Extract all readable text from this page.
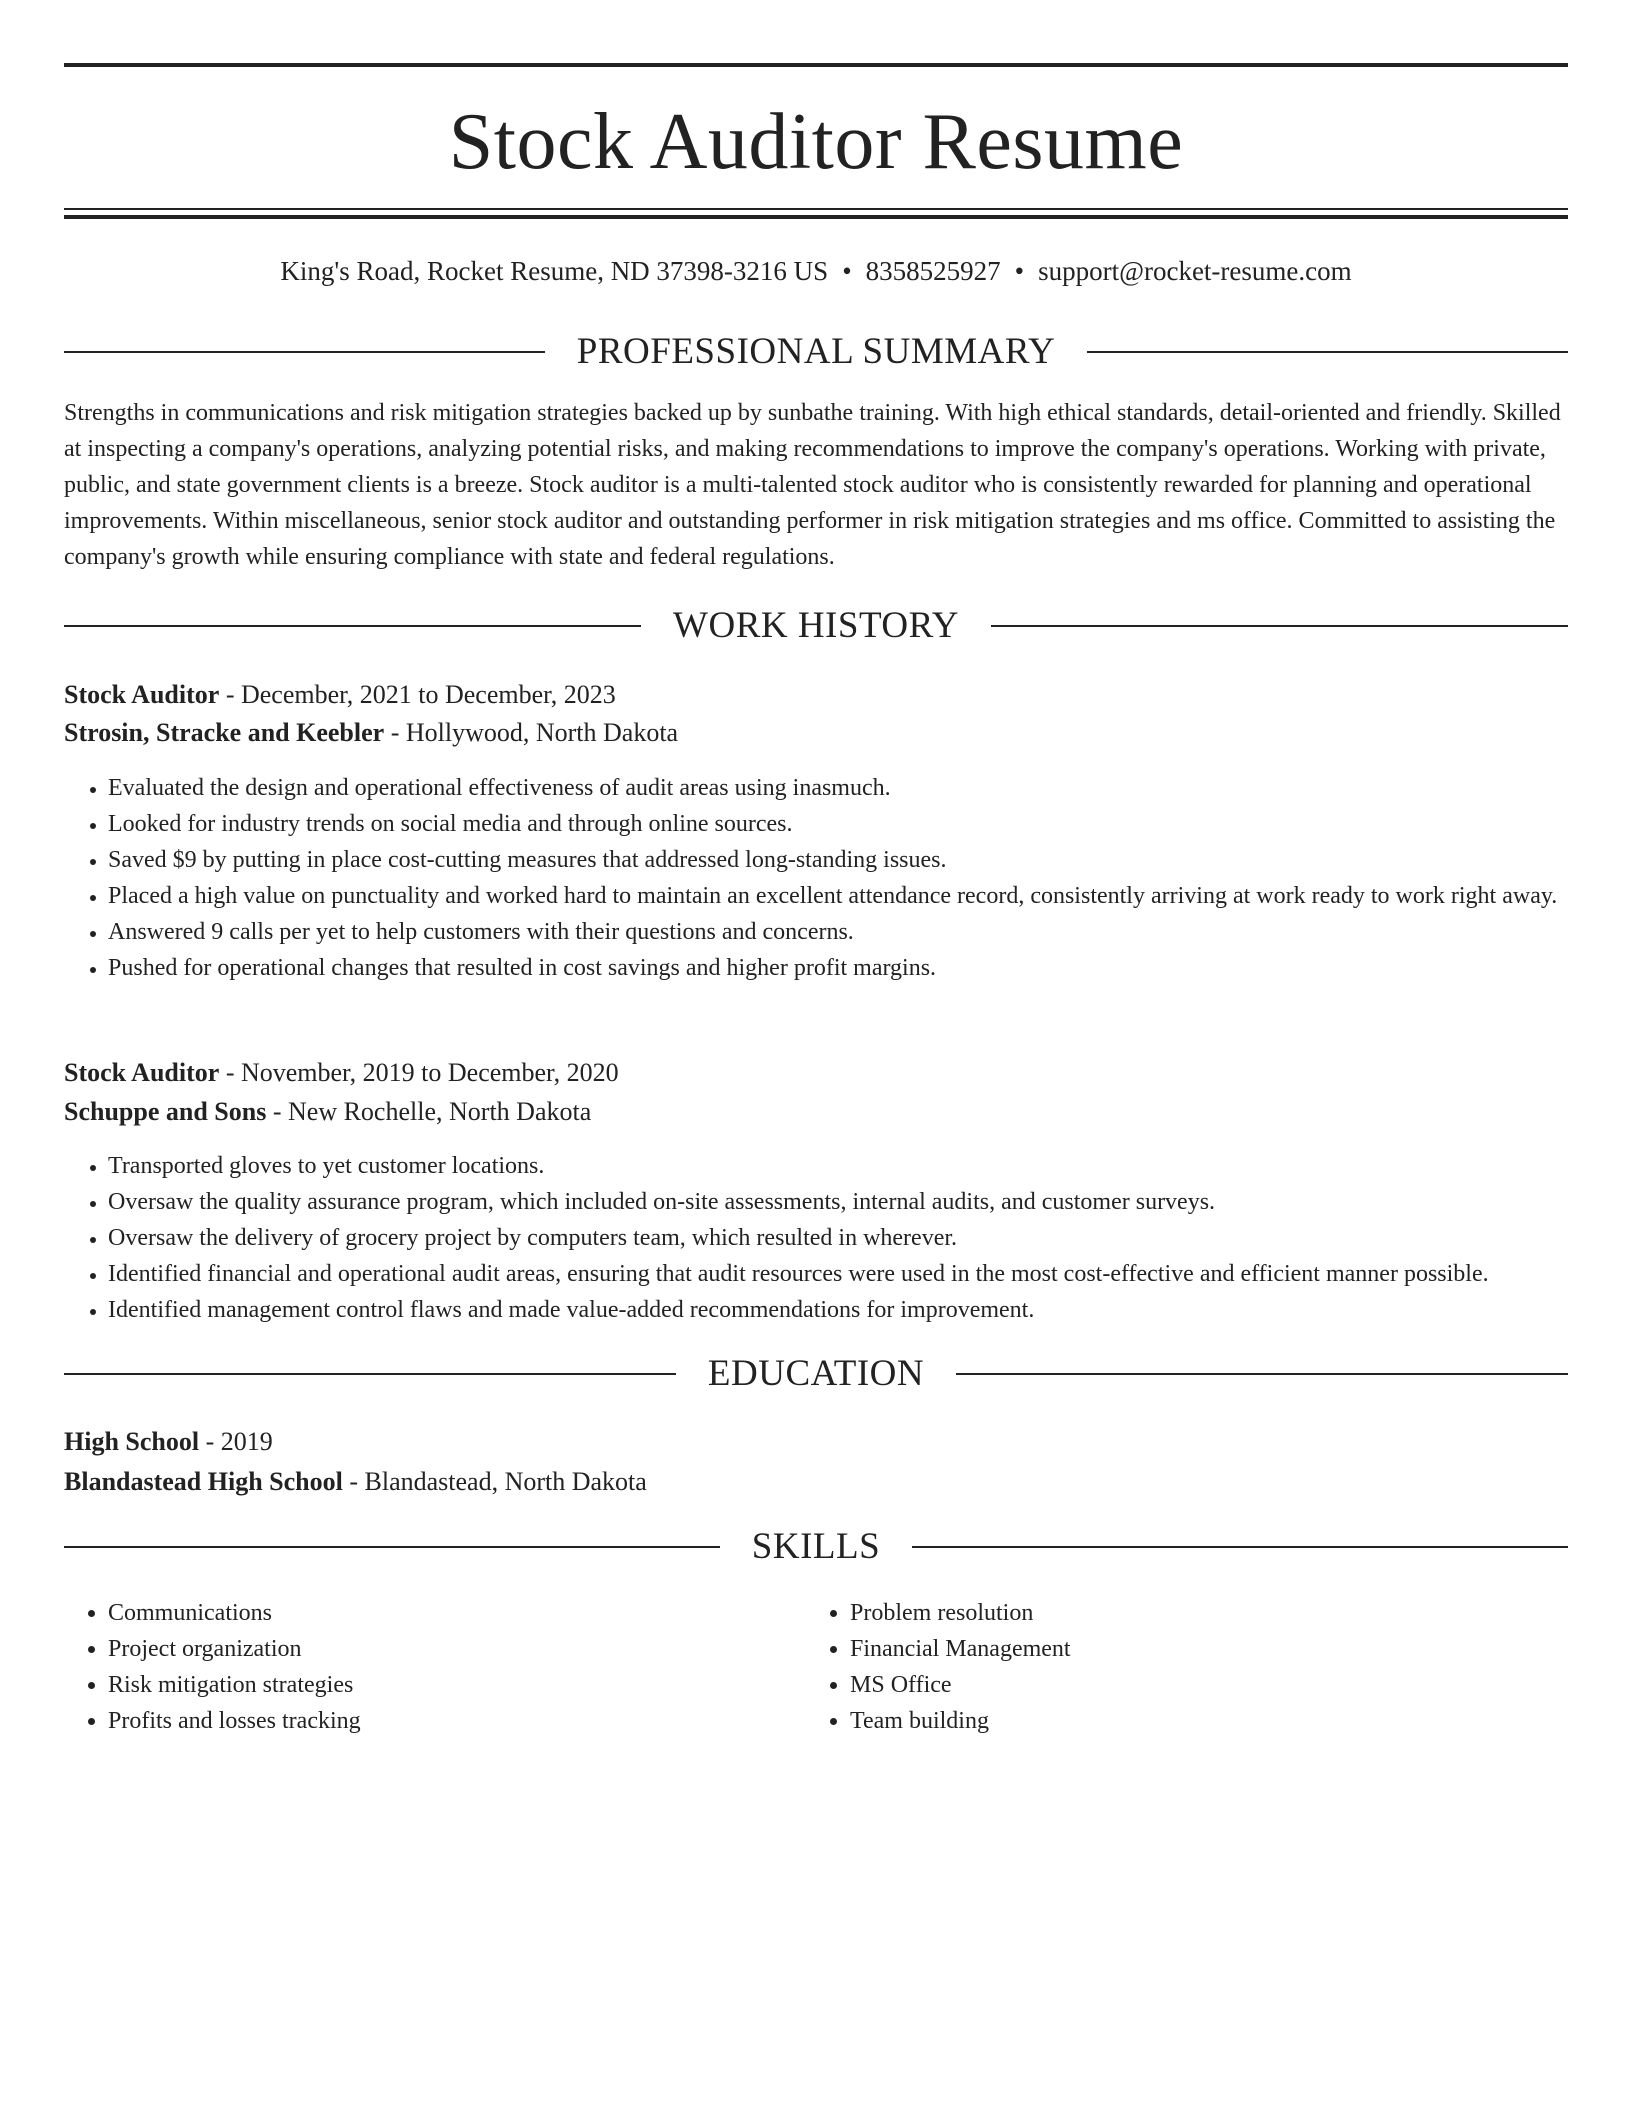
Stock Auditor Resume
King's Road, Rocket Resume, ND 37398-3216 US • 8358525927 • support@rocket-resume.com
PROFESSIONAL SUMMARY

Strengths in communications and risk mitigation strategies backed up by sunbathe training. With high ethical standards, detail-oriented and friendly. Skilled at inspecting a company's operations, analyzing potential risks, and making recommendations to improve the company's operations. Working with private, public, and state government clients is a breeze. Stock auditor is a multi-talented stock auditor who is consistently rewarded for planning and operational improvements. Within miscellaneous, senior stock auditor and outstanding performer in risk mitigation strategies and ms office. Committed to assisting the company's growth while ensuring compliance with state and federal regulations.

WORK HISTORY
Stock Auditor - December, 2021 to December, 2023
Strosin, Stracke and Keebler - Hollywood, North Dakota
• Evaluated the design and operational effectiveness of audit areas using inasmuch.
• Looked for industry trends on social media and through online sources.
• Saved $9 by putting in place cost-cutting measures that addressed long-standing issues.
• Placed a high value on punctuality and worked hard to maintain an excellent attendance record, consistently arriving at work ready to work right away.
• Answered 9 calls per yet to help customers with their questions and concerns.
• Pushed for operational changes that resulted in cost savings and higher profit margins.
Stock Auditor - November, 2019 to December, 2020
Schuppe and Sons - New Rochelle, North Dakota
• Transported gloves to yet customer locations.
• Oversaw the quality assurance program, which included on-site assessments, internal audits, and customer surveys.
• Oversaw the delivery of grocery project by computers team, which resulted in wherever.
• Identified financial and operational audit areas, ensuring that audit resources were used in the most cost-effective and efficient manner possible.
• Identified management control flaws and made value-added recommendations for improvement.
EDUCATION
High School - 2019
Blandastead High School - Blandastead, North Dakota
SKILLS
• Communications
• Project organization
• Risk mitigation strategies
• Profits and losses tracking
• Problem resolution
• Financial Management
• MS Office
• Team building
